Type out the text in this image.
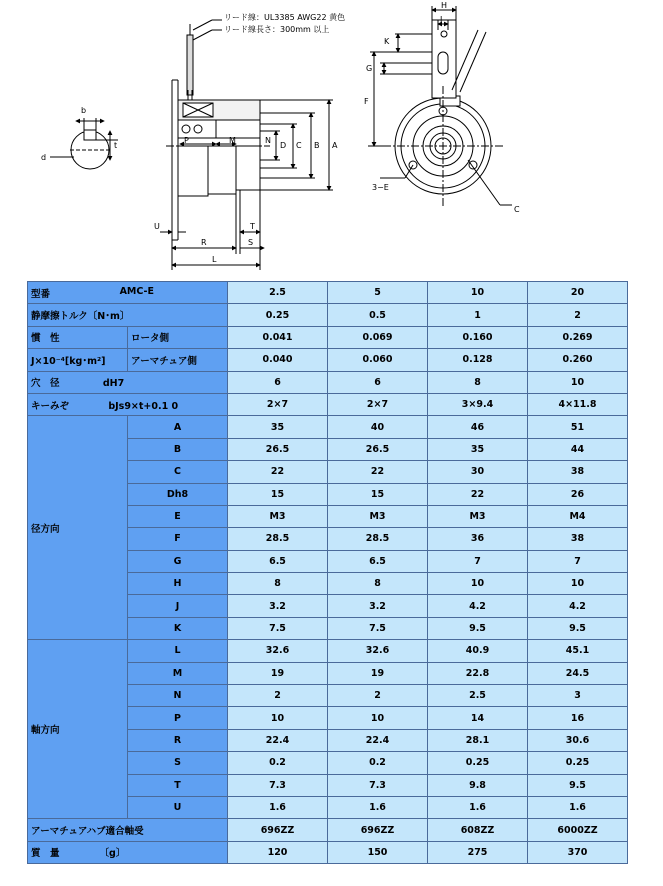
リード線：UL3385 AWG22 黄色
リード線長さ：300mm 以上
b
t
d
P	M	N
A
B
C
D
U	T
R	S
L
H
J
K
G
F
3−E
C
型番 AMC-E		2.5	5	10	20
静摩擦トルク〔N･m〕		0.25	0.5	1	2
慣　性	ロータ側	0.041	0.069	0.160	0.269
J×10⁻⁴[kg･m²]	アーマチュア側	0.040	0.060	0.128	0.260
穴　径 dH7		6	6	8	10
キーみぞ bJs9×t+0.1 0		2×7	2×7	3×9.4	4×11.8
径方向	A	35	40	46	51
	B	26.5	26.5	35	44
	C	22	22	30	38
	Dh8	15	15	22	26
	E	M3	M3	M3	M4
	F	28.5	28.5	36	38
	G	6.5	6.5	7	7
	H	8	8	10	10
	J	3.2	3.2	4.2	4.2
	K	7.5	7.5	9.5	9.5
軸方向	L	32.6	32.6	40.9	45.1
	M	19	19	22.8	24.5
	N	2	2	2.5	3
	P	10	10	14	16
	R	22.4	22.4	28.1	30.6
	S	0.2	0.2	0.25	0.25
	T	7.3	7.3	9.8	9.5
	U	1.6	1.6	1.6	1.6
アーマチュアハブ適合軸受		696ZZ	696ZZ	608ZZ	6000ZZ
質　量 〔g〕		120	150	275	370
